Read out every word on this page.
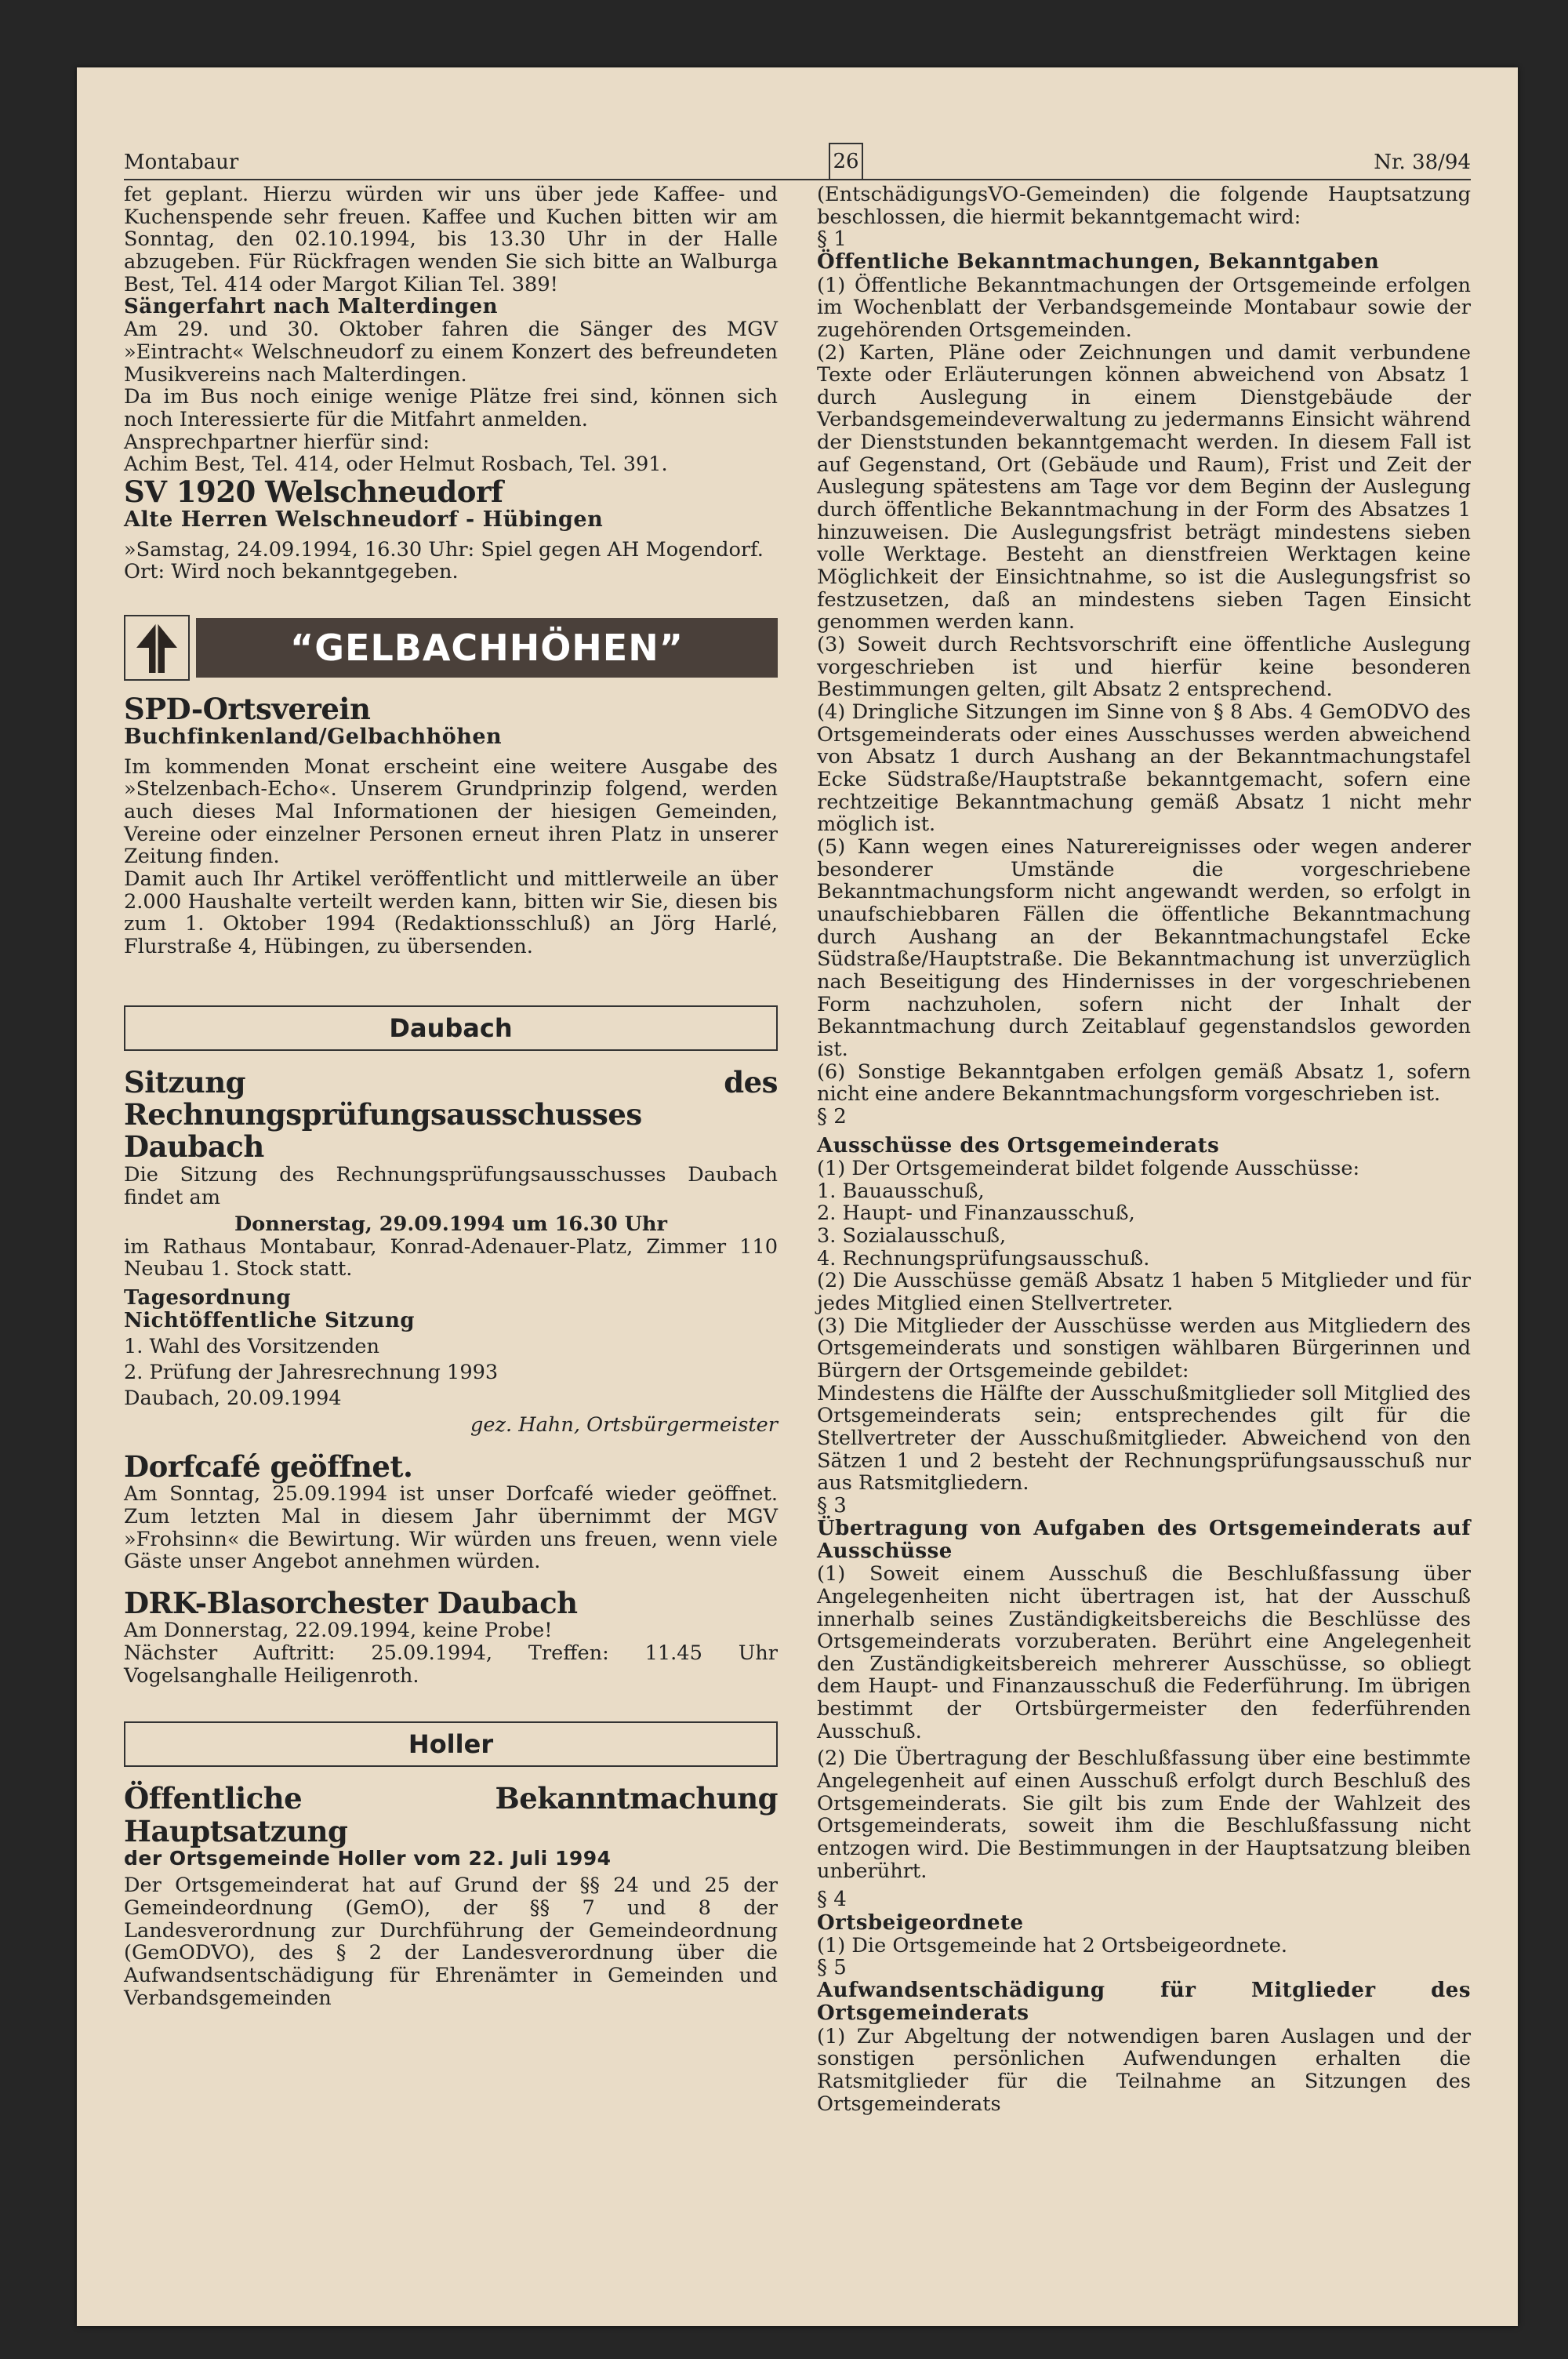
Montabaur	26	Nr. 38/94

fet geplant. Hierzu würden wir uns über jede Kaffee- und Kuchenspende sehr freuen. Kaffee und Kuchen bitten wir am Sonntag, den 02.10.1994, bis 13.30 Uhr in der Halle abzugeben. Für Rückfragen wenden Sie sich bitte an Walburga Best, Tel. 414 oder Margot Kilian Tel. 389!

Sängerfahrt nach Malterdingen

Am 29. und 30. Oktober fahren die Sänger des MGV »Eintracht« Welschneudorf zu einem Konzert des befreundeten Musikvereins nach Malterdingen.

Da im Bus noch einige wenige Plätze frei sind, können sich noch Interessierte für die Mitfahrt anmelden.

Ansprechpartner hierfür sind:

Achim Best, Tel. 414, oder Helmut Rosbach, Tel. 391.

SV 1920 Welschneudorf

Alte Herren Welschneudorf - Hübingen

»Samstag, 24.09.1994, 16.30 Uhr: Spiel gegen AH Mogendorf.

Ort: Wird noch bekanntgegeben.

“GELBACHHÖHEN”

SPD-Ortsverein

Buchfinkenland/Gelbachhöhen

Im kommenden Monat erscheint eine weitere Ausgabe des »Stelzenbach-Echo«. Unserem Grundprinzip folgend, werden auch dieses Mal Informationen der hiesigen Gemeinden, Vereine oder einzelner Personen erneut ihren Platz in unserer Zeitung finden.

Damit auch Ihr Artikel veröffentlicht und mittlerweile an über 2.000 Haushalte verteilt werden kann, bitten wir Sie, diesen bis zum 1. Oktober 1994 (Redaktionsschluß) an Jörg Harlé, Flurstraße 4, Hübingen, zu übersenden.

Daubach

Sitzung des Rechnungsprüfungsausschusses Daubach

Die Sitzung des Rechnungsprüfungsausschusses Daubach findet am

Donnerstag, 29.09.1994 um 16.30 Uhr

im Rathaus Montabaur, Konrad-Adenauer-Platz, Zimmer 110 Neubau 1. Stock statt.

Tagesordnung

Nichtöffentliche Sitzung

1. Wahl des Vorsitzenden

2. Prüfung der Jahresrechnung 1993

Daubach, 20.09.1994

gez. Hahn, Ortsbürgermeister

Dorfcafé geöffnet.

Am Sonntag, 25.09.1994 ist unser Dorfcafé wieder geöffnet. Zum letzten Mal in diesem Jahr übernimmt der MGV »Frohsinn« die Bewirtung. Wir würden uns freuen, wenn viele Gäste unser Angebot annehmen würden.

DRK-Blasorchester Daubach

Am Donnerstag, 22.09.1994, keine Probe!

Nächster Auftritt: 25.09.1994, Treffen: 11.45 Uhr Vogelsanghalle Heiligenroth.

Holler

Öffentliche Bekanntmachung Hauptsatzung

der Ortsgemeinde Holler vom 22. Juli 1994

Der Ortsgemeinderat hat auf Grund der §§ 24 und 25 der Gemeindeordnung (GemO), der §§ 7 und 8 der Landesverordnung zur Durchführung der Gemeindeordnung (GemODVO), des § 2 der Landesverordnung über die Aufwandsentschädigung für Ehrenämter in Gemeinden und Verbandsgemeinden

(EntschädigungsVO-Gemeinden) die folgende Hauptsatzung beschlossen, die hiermit bekanntgemacht wird:

§ 1

Öffentliche Bekanntmachungen, Bekanntgaben

(1) Öffentliche Bekanntmachungen der Ortsgemeinde erfolgen im Wochenblatt der Verbandsgemeinde Montabaur sowie der zugehörenden Ortsgemeinden.

(2) Karten, Pläne oder Zeichnungen und damit verbundene Texte oder Erläuterungen können abweichend von Absatz 1 durch Auslegung in einem Dienstgebäude der Verbandsgemeindeverwaltung zu jedermanns Einsicht während der Dienststunden bekanntgemacht werden. In diesem Fall ist auf Gegenstand, Ort (Gebäude und Raum), Frist und Zeit der Auslegung spätestens am Tage vor dem Beginn der Auslegung durch öffentliche Bekanntmachung in der Form des Absatzes 1 hinzuweisen. Die Auslegungsfrist beträgt mindestens sieben volle Werktage. Besteht an dienstfreien Werktagen keine Möglichkeit der Einsichtnahme, so ist die Auslegungsfrist so festzusetzen, daß an mindestens sieben Tagen Einsicht genommen werden kann.

(3) Soweit durch Rechtsvorschrift eine öffentliche Auslegung vorgeschrieben ist und hierfür keine besonderen Bestimmungen gelten, gilt Absatz 2 entsprechend.

(4) Dringliche Sitzungen im Sinne von § 8 Abs. 4 GemODVO des Ortsgemeinderats oder eines Ausschusses werden abweichend von Absatz 1 durch Aushang an der Bekanntmachungstafel Ecke Südstraße/Hauptstraße bekanntgemacht, sofern eine rechtzeitige Bekanntmachung gemäß Absatz 1 nicht mehr möglich ist.

(5) Kann wegen eines Naturereignisses oder wegen anderer besonderer Umstände die vorgeschriebene Bekanntmachungsform nicht angewandt werden, so erfolgt in unaufschiebbaren Fällen die öffentliche Bekanntmachung durch Aushang an der Bekanntmachungstafel Ecke Südstraße/Hauptstraße. Die Bekanntmachung ist unverzüglich nach Beseitigung des Hindernisses in der vorgeschriebenen Form nachzuholen, sofern nicht der Inhalt der Bekanntmachung durch Zeitablauf gegenstandslos geworden ist.

(6) Sonstige Bekanntgaben erfolgen gemäß Absatz 1, sofern nicht eine andere Bekanntmachungsform vorgeschrieben ist.

§ 2

Ausschüsse des Ortsgemeinderats

(1) Der Ortsgemeinderat bildet folgende Ausschüsse:

1. Bauausschuß,

2. Haupt- und Finanzausschuß,

3. Sozialausschuß,

4. Rechnungsprüfungsausschuß.

(2) Die Ausschüsse gemäß Absatz 1 haben 5 Mitglieder und für jedes Mitglied einen Stellvertreter.

(3) Die Mitglieder der Ausschüsse werden aus Mitgliedern des Ortsgemeinderats und sonstigen wählbaren Bürgerinnen und Bürgern der Ortsgemeinde gebildet:

Mindestens die Hälfte der Ausschußmitglieder soll Mitglied des Ortsgemeinderats sein; entsprechendes gilt für die Stellvertreter der Ausschußmitglieder. Abweichend von den Sätzen 1 und 2 besteht der Rechnungsprüfungsausschuß nur aus Ratsmitgliedern.

§ 3

Übertragung von Aufgaben des Ortsgemeinderats auf Ausschüsse

(1) Soweit einem Ausschuß die Beschlußfassung über Angelegenheiten nicht übertragen ist, hat der Ausschuß innerhalb seines Zuständigkeitsbereichs die Beschlüsse des Ortsgemeinderats vorzuberaten. Berührt eine Angelegenheit den Zuständigkeitsbereich mehrerer Ausschüsse, so obliegt dem Haupt- und Finanzausschuß die Federführung. Im übrigen bestimmt der Ortsbürgermeister den federführenden Ausschuß.

(2) Die Übertragung der Beschlußfassung über eine bestimmte Angelegenheit auf einen Ausschuß erfolgt durch Beschluß des Ortsgemeinderats. Sie gilt bis zum Ende der Wahlzeit des Ortsgemeinderats, soweit ihm die Beschlußfassung nicht entzogen wird. Die Bestimmungen in der Hauptsatzung bleiben unberührt.

§ 4

Ortsbeigeordnete

(1) Die Ortsgemeinde hat 2 Ortsbeigeordnete.

§ 5

Aufwandsentschädigung für Mitglieder des Ortsgemeinderats

(1) Zur Abgeltung der notwendigen baren Auslagen und der sonstigen persönlichen Aufwendungen erhalten die Ratsmitglieder für die Teilnahme an Sitzungen des Ortsgemeinderats
